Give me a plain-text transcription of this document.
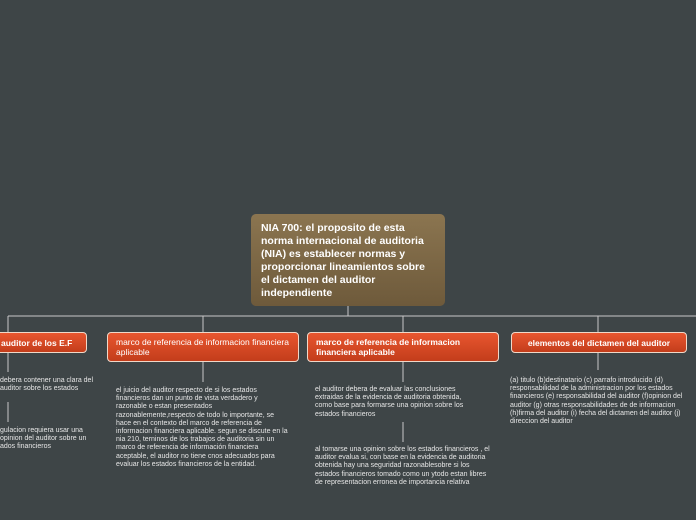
NIA 700: el proposito de esta norma internacional de auditoria (NIA) es establecer normas y proporcionar lineamientos sobre el dictamen del auditor independiente
auditor de los E.F
debera contener una clara del auditor sobre los estados
gulacion requiera usar una opinion del auditor sobre un ados financieros
marco de referencia de informacion financiera aplicable
el juicio del auditor respecto de si los estados financieros dan un punto de vista verdadero y razonable o estan presentados razonablemente,respecto de todo lo importante, se hace en el contexto del marco de referencia de informacion financiera aplicable. segun se discute en la nia 210, terninos de los trabajos de auditoria sin un marco de referencia de información financiera aceptable, el auditor no tiene cnos adecuados para evaluar los estados financieros de la entidad.
marco de referencia de informacion financiera aplicable
el auditor debera de evaluar las conclusiones extraidas de la evidencia de auditoria obtenida, como base para formarse una opinion sobre los estados financieros
al tomarse una opinion sobre los estados financieros , el auditor evalua si, con base en la evidencia de auditoria obtenida hay una seguridad razonablesobre si los estados financieros tomado como un ytodo estan libres de representacion erronea de importancia relativa
elementos del dictamen del auditor
(a) titulo (b)destinatario (c) parrafo introducido (d) responsabilidad de la administracion por los estados financieros (e) responsabilidad del auditor (f)opinion del auditor (g) otras responsabilidades de de informacion (h)firma del auditor (i) fecha del dictamen del auditor (j) direccion del auditor
